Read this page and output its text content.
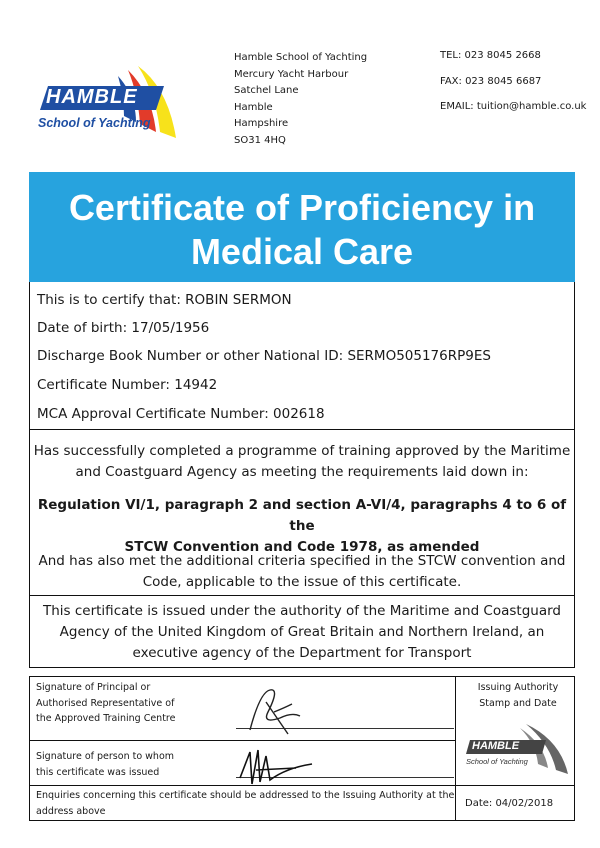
HAMBLE
School of Yachting
Hamble School of Yachting
Mercury Yacht Harbour
Satchel Lane
Hamble
Hampshire
SO31 4HQ
TEL: 023 8045 2668
FAX: 023 8045 6687
EMAIL: tuition@hamble.co.uk
Certificate of Proficiency in
Medical Care
This is to certify that: ROBIN SERMON
Date of birth: 17/05/1956
Discharge Book Number or other National ID: SERMO505176RP9ES
Certificate Number: 14942
MCA Approval Certificate Number: 002618
Has successfully completed a programme of training approved by the Maritime
and Coastguard Agency as meeting the requirements laid down in:
Regulation VI/1, paragraph 2 and section A-VI/4, paragraphs 4 to 6 of the
STCW Convention and Code 1978, as amended
And has also met the additional criteria specified in the STCW convention and
Code, applicable to the issue of this certificate.
This certificate is issued under the authority of the Maritime and Coastguard
Agency of the United Kingdom of Great Britain and Northern Ireland, an
executive agency of the Department for Transport
Signature of Principal or
Authorised Representative of
the Approved Training Centre
Signature of person to whom
this certificate was issued
Issuing Authority
Stamp and Date
HAMBLE
School of Yachting
Enquiries concerning this certificate should be addressed to the Issuing Authority at the
address above
Date: 04/02/2018
